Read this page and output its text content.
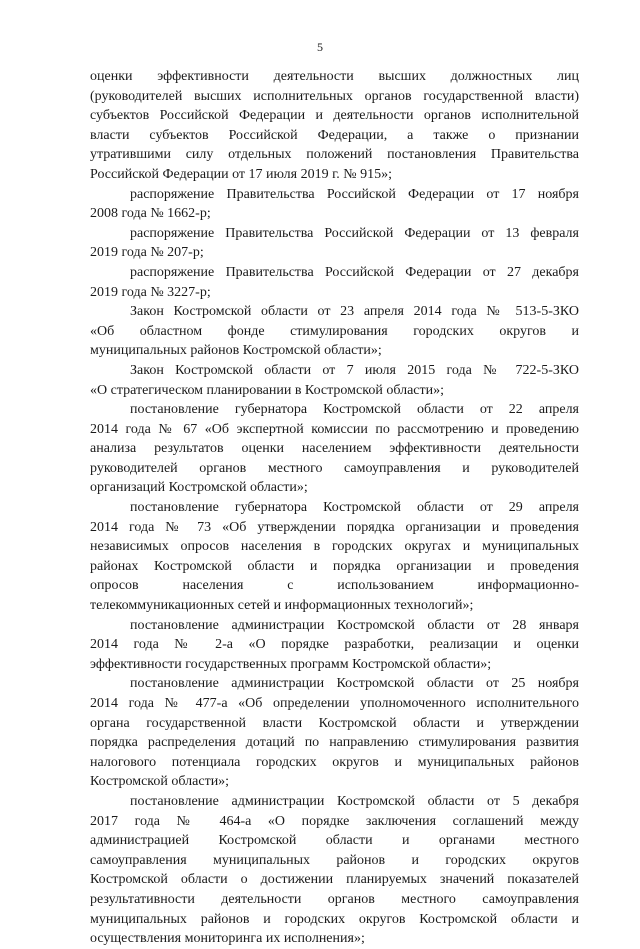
5
оценки эффективности деятельности высших должностных лиц
(руководителей высших исполнительных органов государственной власти)
субъектов Российской Федерации и деятельности органов исполнительной
власти субъектов Российской Федерации, а также о признании
утратившими силу отдельных положений постановления Правительства
Российской Федерации от 17 июля 2019 г. № 915»;
распоряжение Правительства Российской Федерации от 17 ноября
2008 года № 1662-р;
распоряжение Правительства Российской Федерации от 13 февраля
2019 года № 207-р;
распоряжение Правительства Российской Федерации от 27 декабря
2019 года № 3227-р;
Закон Костромской области от 23 апреля 2014 года № 513-5-ЗКО
«Об областном фонде стимулирования городских округов и
муниципальных районов Костромской области»;
Закон Костромской области от 7 июля 2015 года № 722-5-ЗКО
«О стратегическом планировании в Костромской области»;
постановление губернатора Костромской области от 22 апреля
2014 года № 67 «Об экспертной комиссии по рассмотрению и проведению
анализа результатов оценки населением эффективности деятельности
руководителей органов местного самоуправления и руководителей
организаций Костромской области»;
постановление губернатора Костромской области от 29 апреля
2014 года № 73 «Об утверждении порядка организации и проведения
независимых опросов населения в городских округах и муниципальных
районах Костромской области и порядка организации и проведения
опросов населения с использованием информационно-
телекоммуникационных сетей и информационных технологий»;
постановление администрации Костромской области от 28 января
2014 года № 2-а «О порядке разработки, реализации и оценки
эффективности государственных программ Костромской области»;
постановление администрации Костромской области от 25 ноября
2014 года № 477-а «Об определении уполномоченного исполнительного
органа государственной власти Костромской области и утверждении
порядка распределения дотаций по направлению стимулирования развития
налогового потенциала городских округов и муниципальных районов
Костромской области»;
постановление администрации Костромской области от 5 декабря
2017 года № 464-а «О порядке заключения соглашений между
администрацией Костромской области и органами местного
самоуправления муниципальных районов и городских округов
Костромской области о достижении планируемых значений показателей
результативности деятельности органов местного самоуправления
муниципальных районов и городских округов Костромской области и
осуществления мониторинга их исполнения»;
